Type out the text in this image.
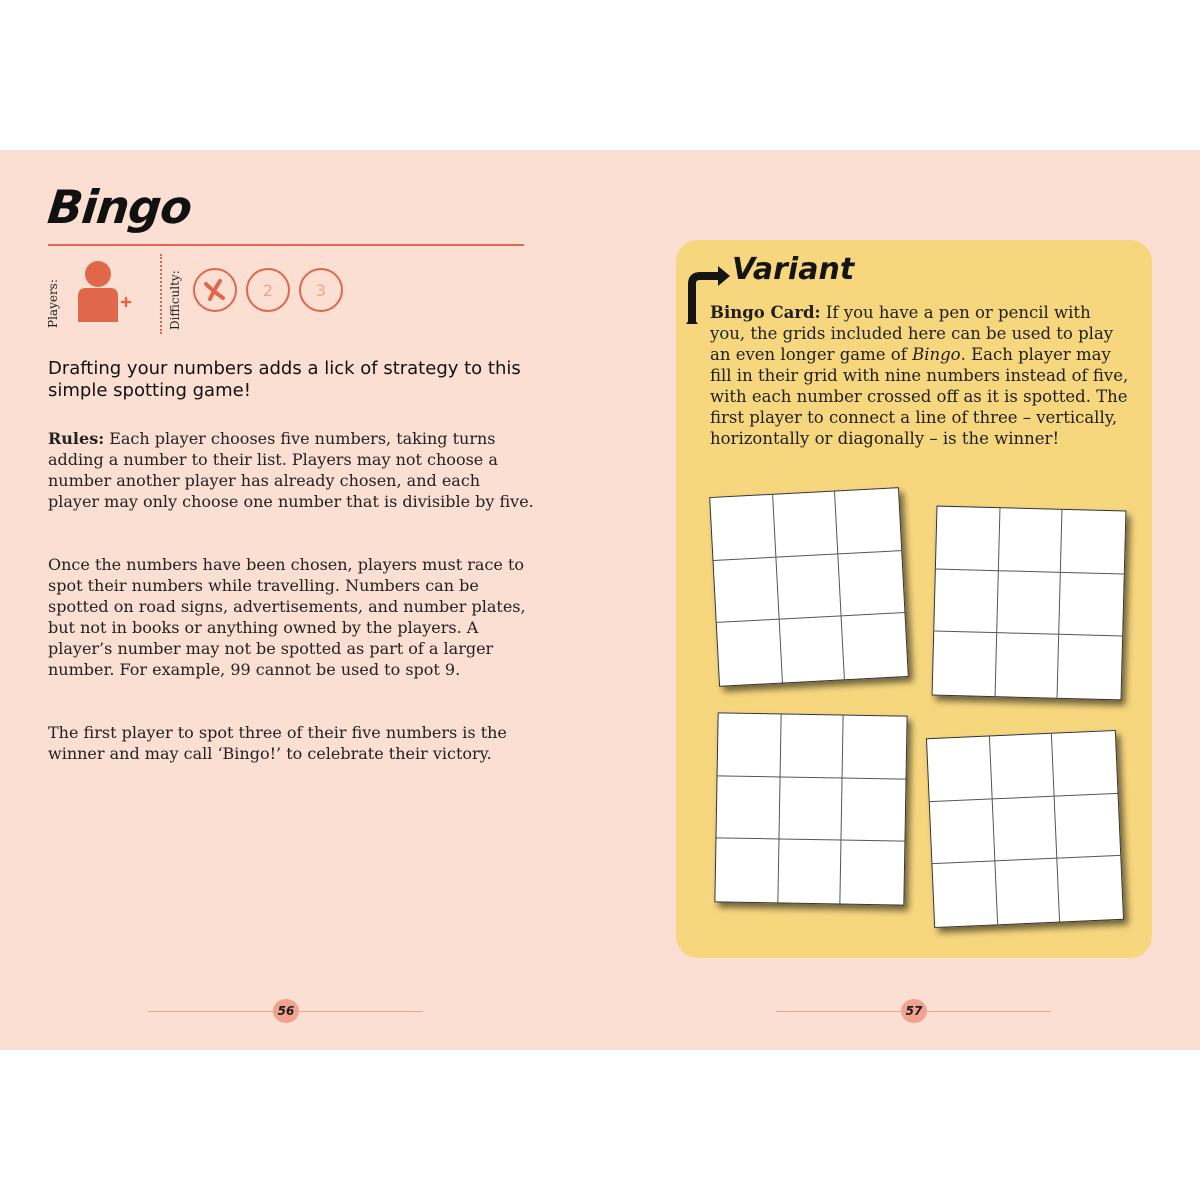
Bingo
Players:	Difficulty:	2	3

Drafting your numbers adds a lick of strategy to this simple spotting game!

Rules: Each player chooses five numbers, taking turns adding a number to their list. Players may not choose a number another player has already chosen, and each player may only choose one number that is divisible by five.

Once the numbers have been chosen, players must race to spot their numbers while travelling. Numbers can be spotted on road signs, advertisements, and number plates, but not in books or anything owned by the players. A player’s number may not be spotted as part of a larger number. For example, 99 cannot be used to spot 9.

The first player to spot three of their five numbers is the winner and may call ‘Bingo!’ to celebrate their victory.

56
Variant

Bingo Card: If you have a pen or pencil with you, the grids included here can be used to play an even longer game of Bingo. Each player may fill in their grid with nine numbers instead of five, with each number crossed off as it is spotted. The first player to connect a line of three – vertically, horizontally or diagonally – is the winner!

57
